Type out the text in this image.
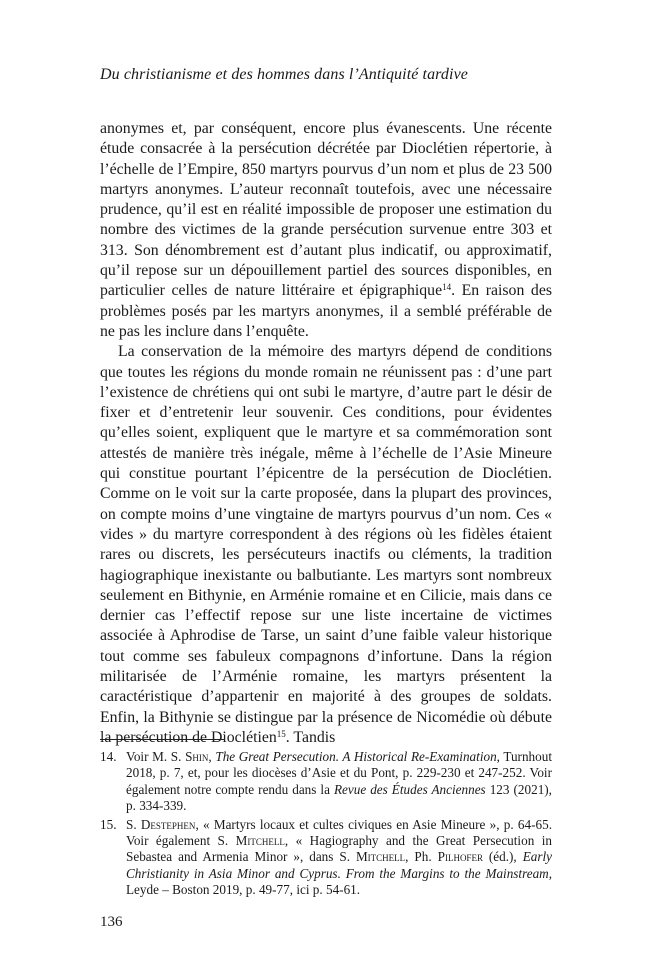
Du christianisme et des hommes dans l’Antiquité tardive

anonymes et, par conséquent, encore plus évanescents. Une récente étude consacrée à la persécution décrétée par Dioclétien répertorie, à l’échelle de l’Empire, 850 martyrs pourvus d’un nom et plus de 23 500 martyrs anonymes. L’auteur reconnaît toutefois, avec une nécessaire prudence, qu’il est en réalité impossible de proposer une estimation du nombre des victimes de la grande persécution survenue entre 303 et 313. Son dénombrement est d’autant plus indicatif, ou approximatif, qu’il repose sur un dépouillement partiel des sources disponibles, en particulier celles de nature littéraire et épigraphique$^{14}$. En raison des problèmes posés par les martyrs anonymes, il a semblé préférable de ne pas les inclure dans l’enquête.

La conservation de la mémoire des martyrs dépend de conditions que toutes les régions du monde romain ne réunissent pas : d’une part l’existence de chrétiens qui ont subi le martyre, d’autre part le désir de fixer et d’entretenir leur souvenir. Ces conditions, pour évidentes qu’elles soient, expliquent que le martyre et sa commémoration sont attestés de manière très inégale, même à l’échelle de l’Asie Mineure qui constitue pourtant l’épicentre de la persécution de Dioclétien. Comme on le voit sur la carte proposée, dans la plupart des provinces, on compte moins d’une vingtaine de martyrs pourvus d’un nom. Ces « vides » du martyre correspondent à des régions où les fidèles étaient rares ou discrets, les persécuteurs inactifs ou cléments, la tradition hagiographique inexistante ou balbutiante. Les martyrs sont nombreux seulement en Bithynie, en Arménie romaine et en Cilicie, mais dans ce dernier cas l’effectif repose sur une liste incertaine de victimes associée à Aphrodise de Tarse, un saint d’une faible valeur historique tout comme ses fabuleux compagnons d’infortune. Dans la région militarisée de l’Arménie romaine, les martyrs présentent la caractéristique d’appartenir en majorité à des groupes de soldats. Enfin, la Bithynie se distingue par la présence de Nicomédie où débute la persécution de Dioclétien$^{15}$. Tandis

14. Voir M. S. Shin, The Great Persecution. A Historical Re-Examination, Turnhout 2018, p. 7, et, pour les diocèses d’Asie et du Pont, p. 229-230 et 247-252. Voir également notre compte rendu dans la Revue des Études Anciennes 123 (2021), p. 334-339.
15. S. Destephen, « Martyrs locaux et cultes civiques en Asie Mineure », p. 64-65. Voir également S. Mitchell, « Hagiography and the Great Persecution in Sebastea and Armenia Minor », dans S. Mitchell, Ph. Pilhofer (éd.), Early Christianity in Asia Minor and Cyprus. From the Margins to the Mainstream, Leyde – Boston 2019, p. 49-77, ici p. 54-61.
136
